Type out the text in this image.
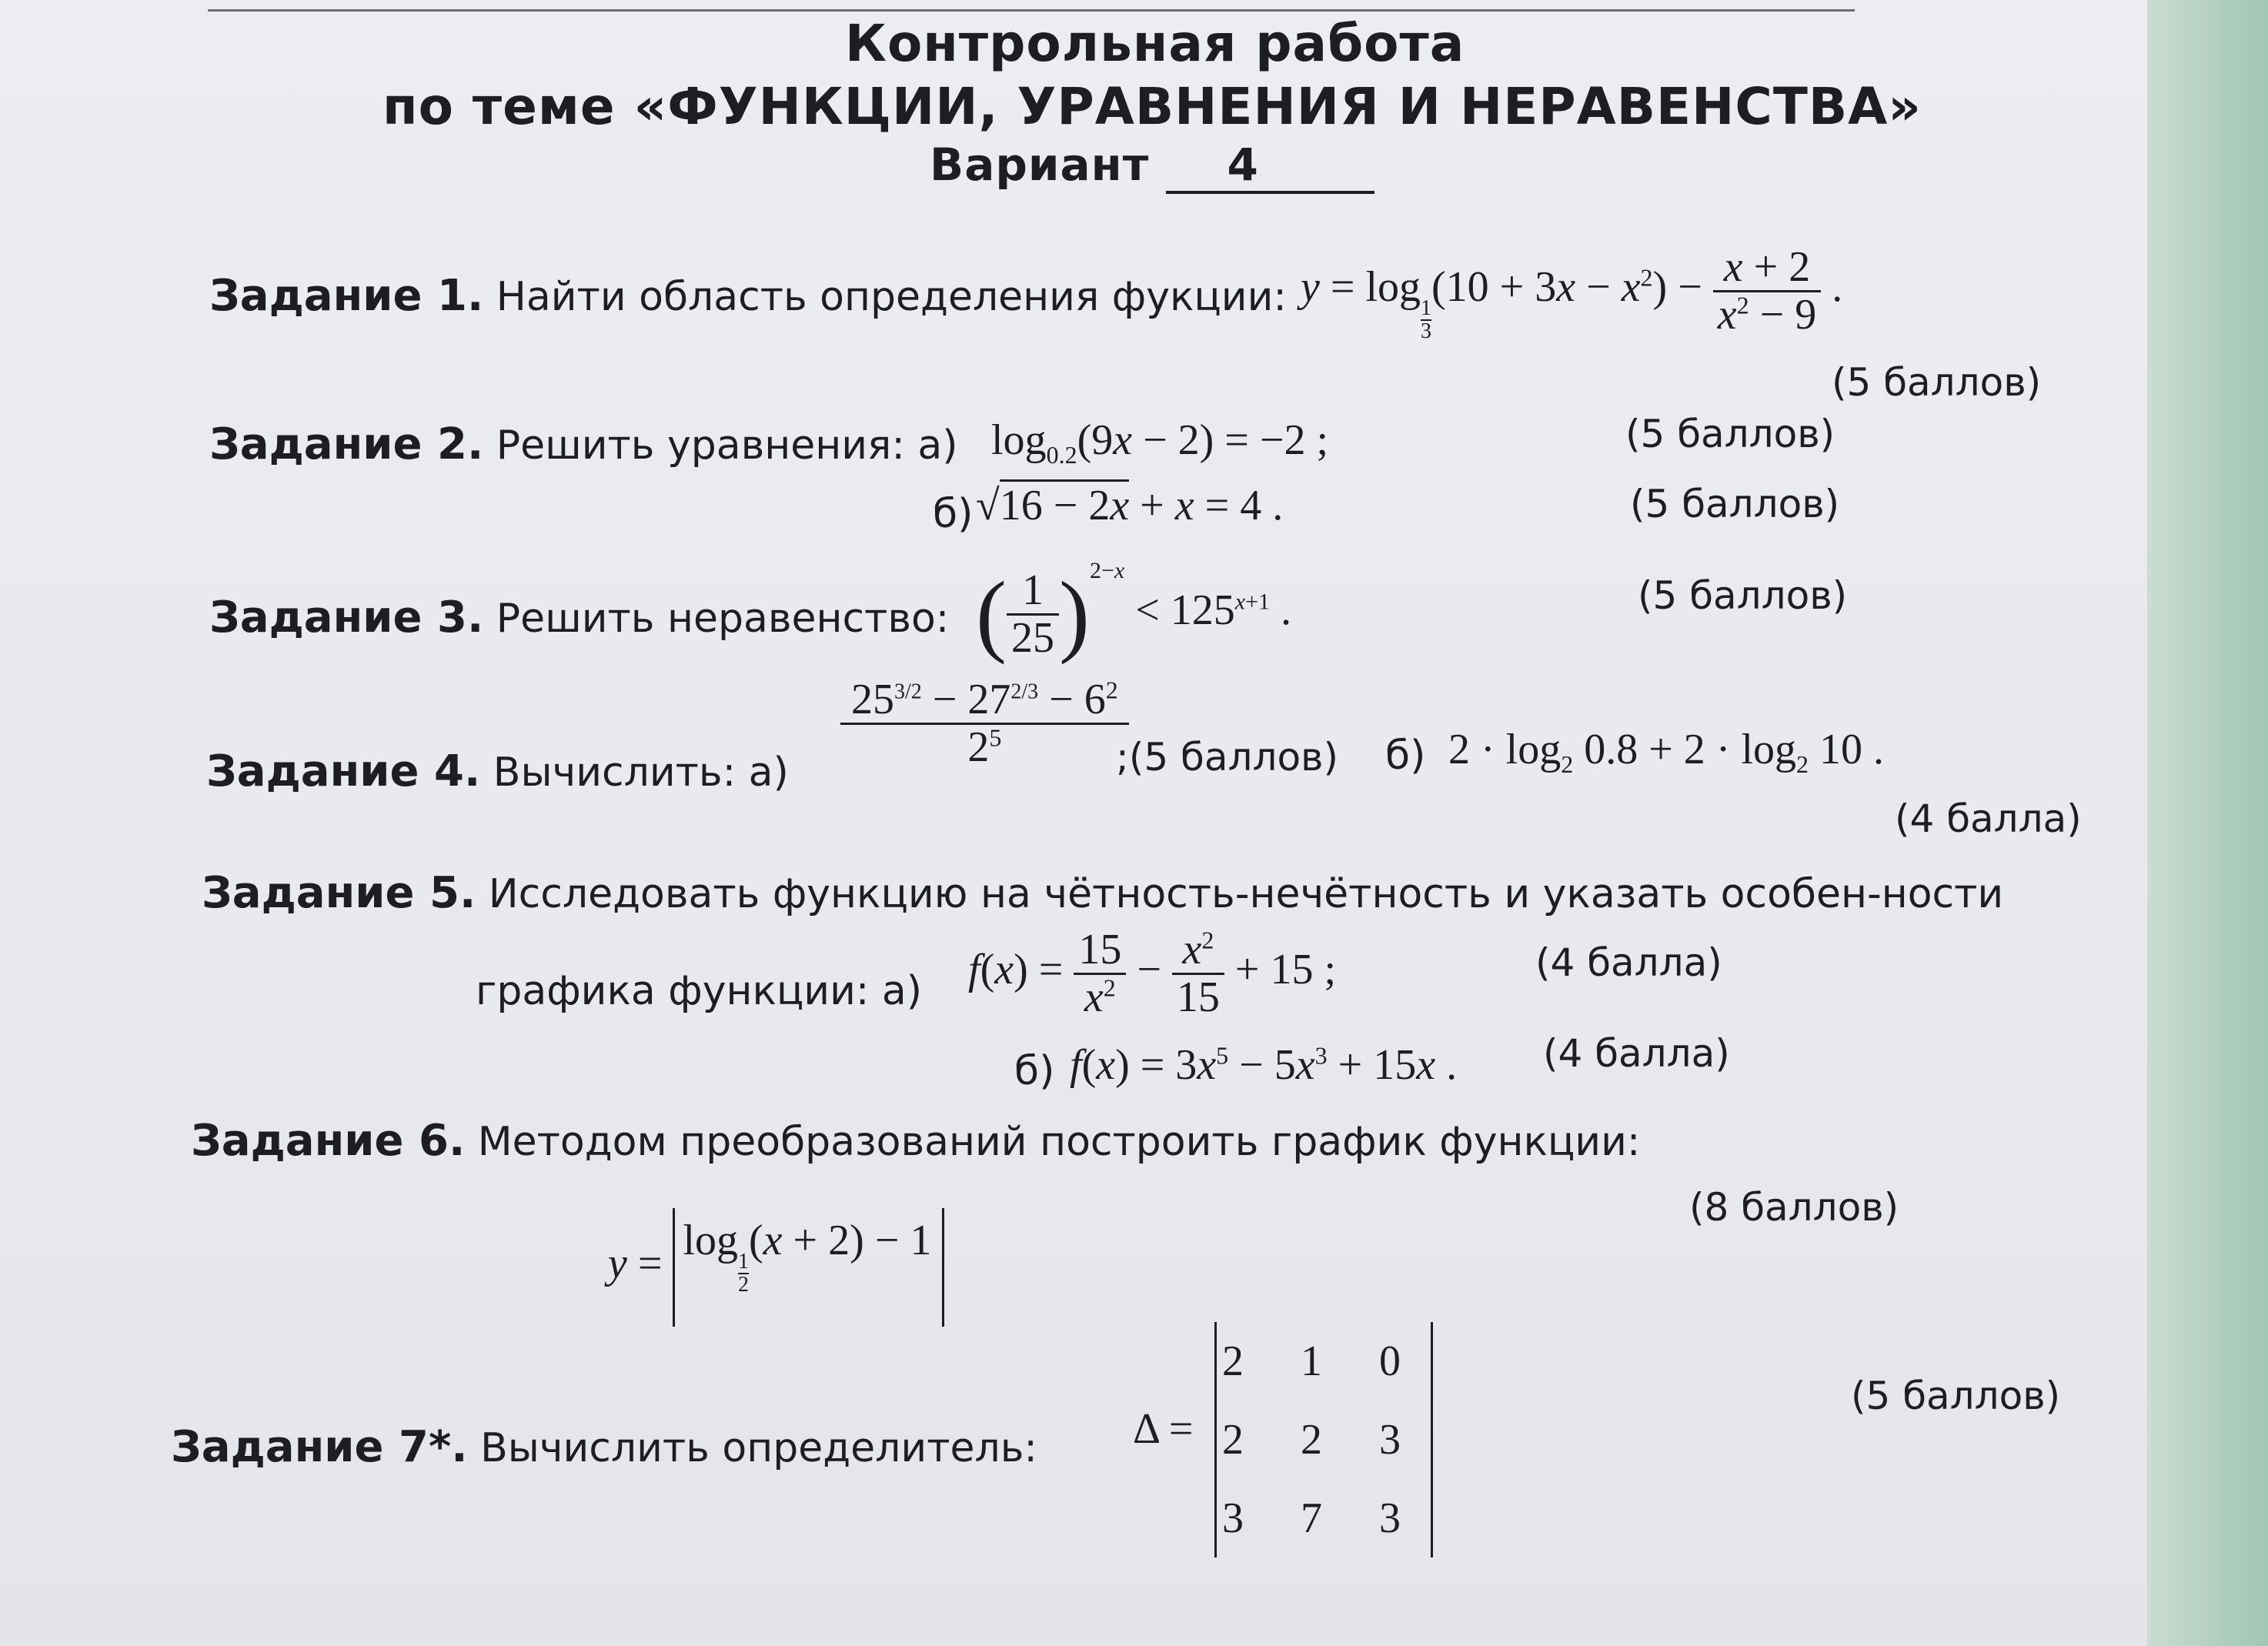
Контрольная работа
по теме «ФУНКЦИИ, УРАВНЕНИЯ И НЕРАВЕНСТВА»
Вариант 4
Задание 1. Найти область определения фукции: y = log
$\frac{1}{3}$
$(10 + 3x - x^2) - \frac{x + 2}{x^2 - 9}$ .
(5 баллов)
Задание 2. Решить уравнения: а) $\log_{0.2}(9x - 2) = -2$ ;	(5 баллов)
б) √16 − 2x + x = 4 .	(5 баллов)
Задание 3. Решить неравенство: ( $\frac{1}{25} )^{2-x} < 125^{x+1}$ .	(5 баллов)
Задание 4. Вычислить: а)
$\frac{25^{3/2} - 27^{2/3} - 6^2}{2^5}$
;(5 баллов) б) $2 \cdot \log_2 0.8 + 2 \cdot \log_2 10$ .
(4 балла)
Задание 5. Исследовать функцию на чётность-нечётность и указать особен-ности
графика функции: а) $f(x) = \frac{15}{x^2} - \frac{x^2}{15} + 15$ ;	(4 балла)
б) $f(x) = 3x^5 - 5x^3 + 15x$ . (4 балла)
Задание 6. Методом преобразований построить график функции:
y = log
$\frac{1}{2}$
(x + 2) − 1
(8 баллов)
Задание 7*. Вычислить определитель: Δ =
2	1	0
2	2	3
3	7	3
(5 баллов)
